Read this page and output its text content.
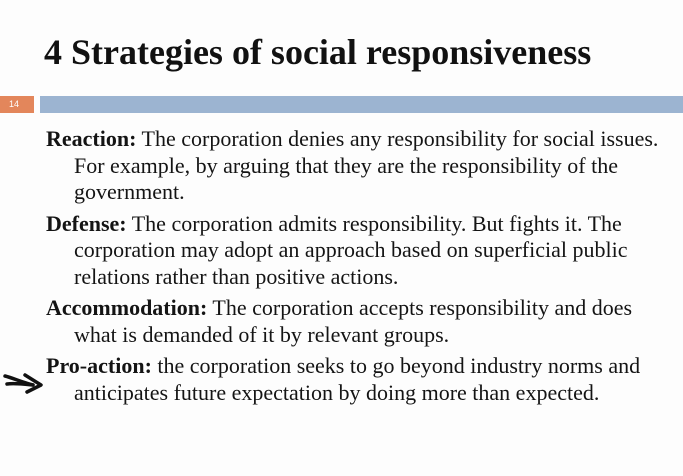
4 Strategies of social responsiveness
14
Reaction: The corporation denies any responsibility for social issues. For example, by arguing that they are the responsibility of the government.
Defense: The corporation admits responsibility. But fights it. The corporation may adopt an approach based on superficial public relations rather than positive actions.
Accommodation: The corporation accepts responsibility and does what is demanded of it by relevant groups.
Pro-action: the corporation seeks to go beyond industry norms and anticipates future expectation by doing more than expected.
